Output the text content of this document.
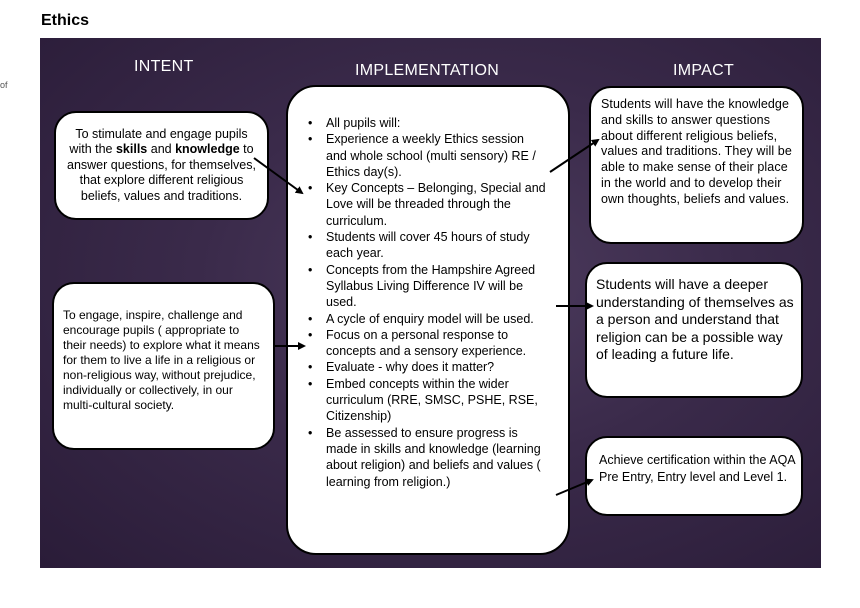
Ethics
of
INTENT	IMPLEMENTATION	IMPACT
To stimulate and engage pupils with the skills and knowledge to answer questions, for themselves, that explore different religious beliefs, values and traditions.
To engage, inspire, challenge and encourage pupils ( appropriate to their needs) to explore what it means for them to live a life in a religious or non-religious way, without prejudice, individually or collectively, in our multi-cultural society.
• All pupils will:
• Experience a weekly Ethics session and whole school (multi sensory) RE / Ethics day(s).
• Key Concepts – Belonging, Special and Love will be threaded through the curriculum.
• Students will cover 45 hours of study each year.
• Concepts from the Hampshire Agreed Syllabus Living Difference IV will be used.
• A cycle of enquiry model will be used.
• Focus on a personal response to concepts and a sensory experience.
• Evaluate - why does it matter?
• Embed concepts within the wider curriculum (RRE, SMSC, PSHE, RSE, Citizenship)
• Be assessed to ensure progress is made in skills and knowledge (learning about religion) and beliefs and values ( learning from religion.)
Students will have the knowledge and skills to answer questions about different religious beliefs, values and traditions. They will be able to make sense of their place in the world and to develop their own thoughts, beliefs and values.
Students will have a deeper understanding of themselves as a person and understand that religion can be a possible way of leading a future life.
Achieve certification within the AQA Pre Entry, Entry level and Level 1.
